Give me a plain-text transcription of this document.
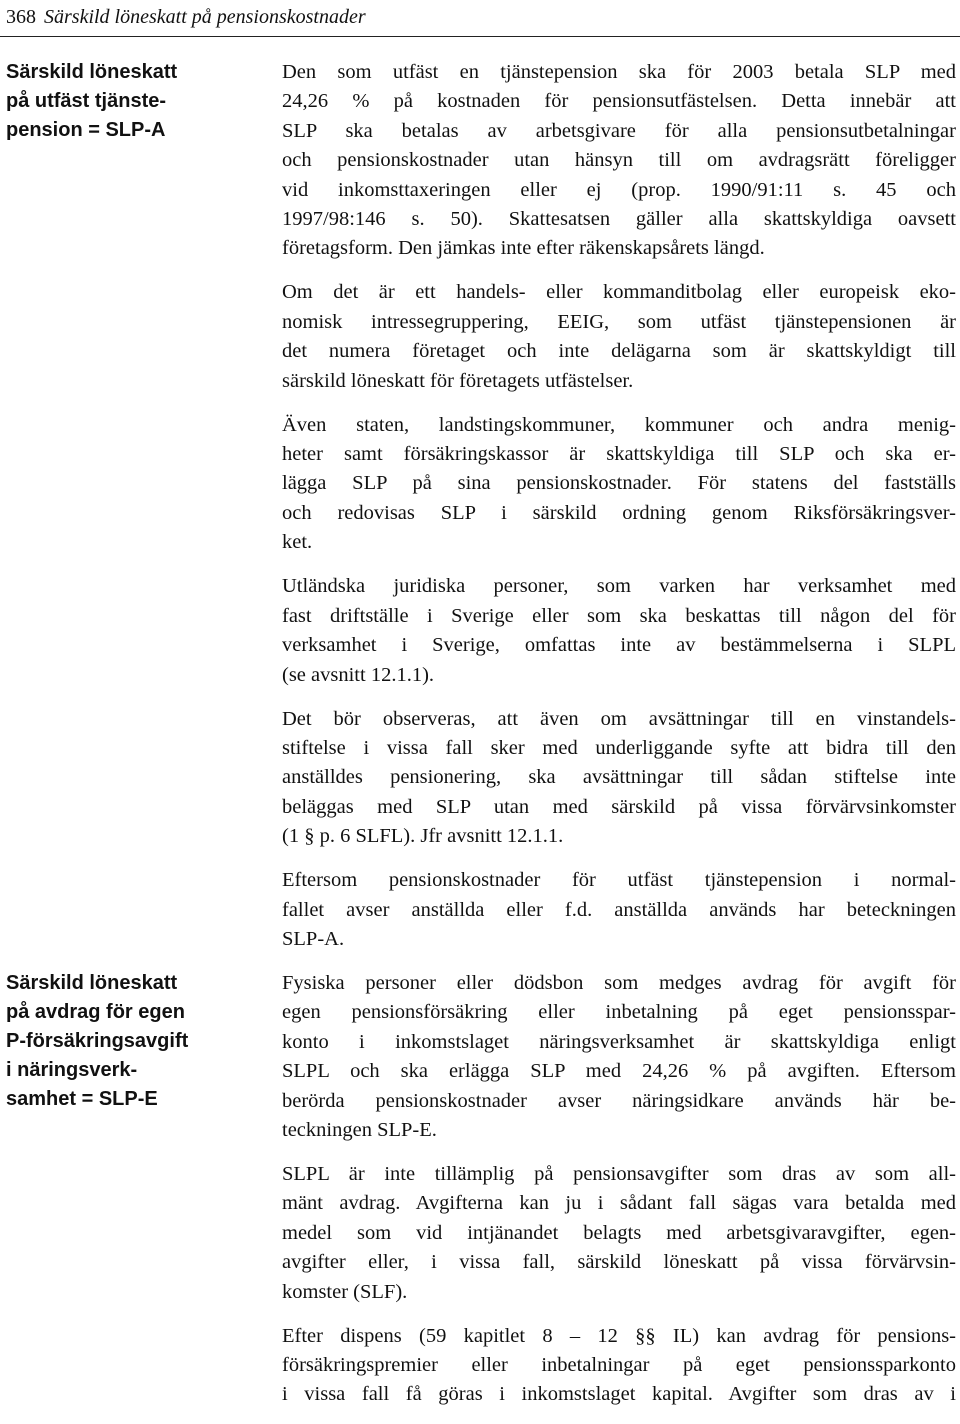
368 Särskild löneskatt på pensionskostnader
Särskild löneskatt
på utfäst tjänste-
pension = SLP-A
Särskild löneskatt
på avdrag för egen
P-försäkringsavgift
i näringsverk-
samhet = SLP-E

Den som utfäst en tjänstepension ska för 2003 betala SLP med
24,26 % på kostnaden för pensionsutfästelsen. Detta innebär att
SLP ska betalas av arbetsgivare för alla pensionsutbetalningar
och pensionskostnader utan hänsyn till om avdragsrätt föreligger
vid inkomsttaxeringen eller ej (prop. 1990/91:11 s. 45 och
1997/98:146 s. 50). Skattesatsen gäller alla skattskyldiga oavsett
företagsform. Den jämkas inte efter räkenskapsårets längd.

Om det är ett handels- eller kommanditbolag eller europeisk eko-
nomisk intressegruppering, EEIG, som utfäst tjänstepensionen är
det numera företaget och inte delägarna som är skattskyldigt till
särskild löneskatt för företagets utfästelser.

Även staten, landstingskommuner, kommuner och andra menig-
heter samt försäkringskassor är skattskyldiga till SLP och ska er-
lägga SLP på sina pensionskostnader. För statens del fastställs
och redovisas SLP i särskild ordning genom Riksförsäkringsver-
ket.

Utländska juridiska personer, som varken har verksamhet med
fast driftställe i Sverige eller som ska beskattas till någon del för
verksamhet i Sverige, omfattas inte av bestämmelserna i SLPL
(se avsnitt 12.1.1).

Det bör observeras, att även om avsättningar till en vinstandels-
stiftelse i vissa fall sker med underliggande syfte att bidra till den
anställdes pensionering, ska avsättningar till sådan stiftelse inte
beläggas med SLP utan med särskild på vissa förvärvsinkomster
(1 § p. 6 SLFL). Jfr avsnitt 12.1.1.

Eftersom pensionskostnader för utfäst tjänstepension i normal-
fallet avser anställda eller f.d. anställda används har beteckningen
SLP-A.

Fysiska personer eller dödsbon som medges avdrag för avgift för
egen pensionsförsäkring eller inbetalning på eget pensionsspar-
konto i inkomstslaget näringsverksamhet är skattskyldiga enligt
SLPL och ska erlägga SLP med 24,26 % på avgiften. Eftersom
berörda pensionskostnader avser näringsidkare används här be-
teckningen SLP-E.

SLPL är inte tillämplig på pensionsavgifter som dras av som all-
mänt avdrag. Avgifterna kan ju i sådant fall sägas vara betalda med
medel som vid intjänandet belagts med arbetsgivaravgifter, egen-
avgifter eller, i vissa fall, särskild löneskatt på vissa förvärvsin-
komster (SLF).

Efter dispens (59 kapitlet 8 – 12 §§ IL) kan avdrag för pensions-
försäkringspremier eller inbetalningar på eget pensionssparkonto
i vissa fall få göras i inkomstslaget kapital. Avgifter som dras av i
